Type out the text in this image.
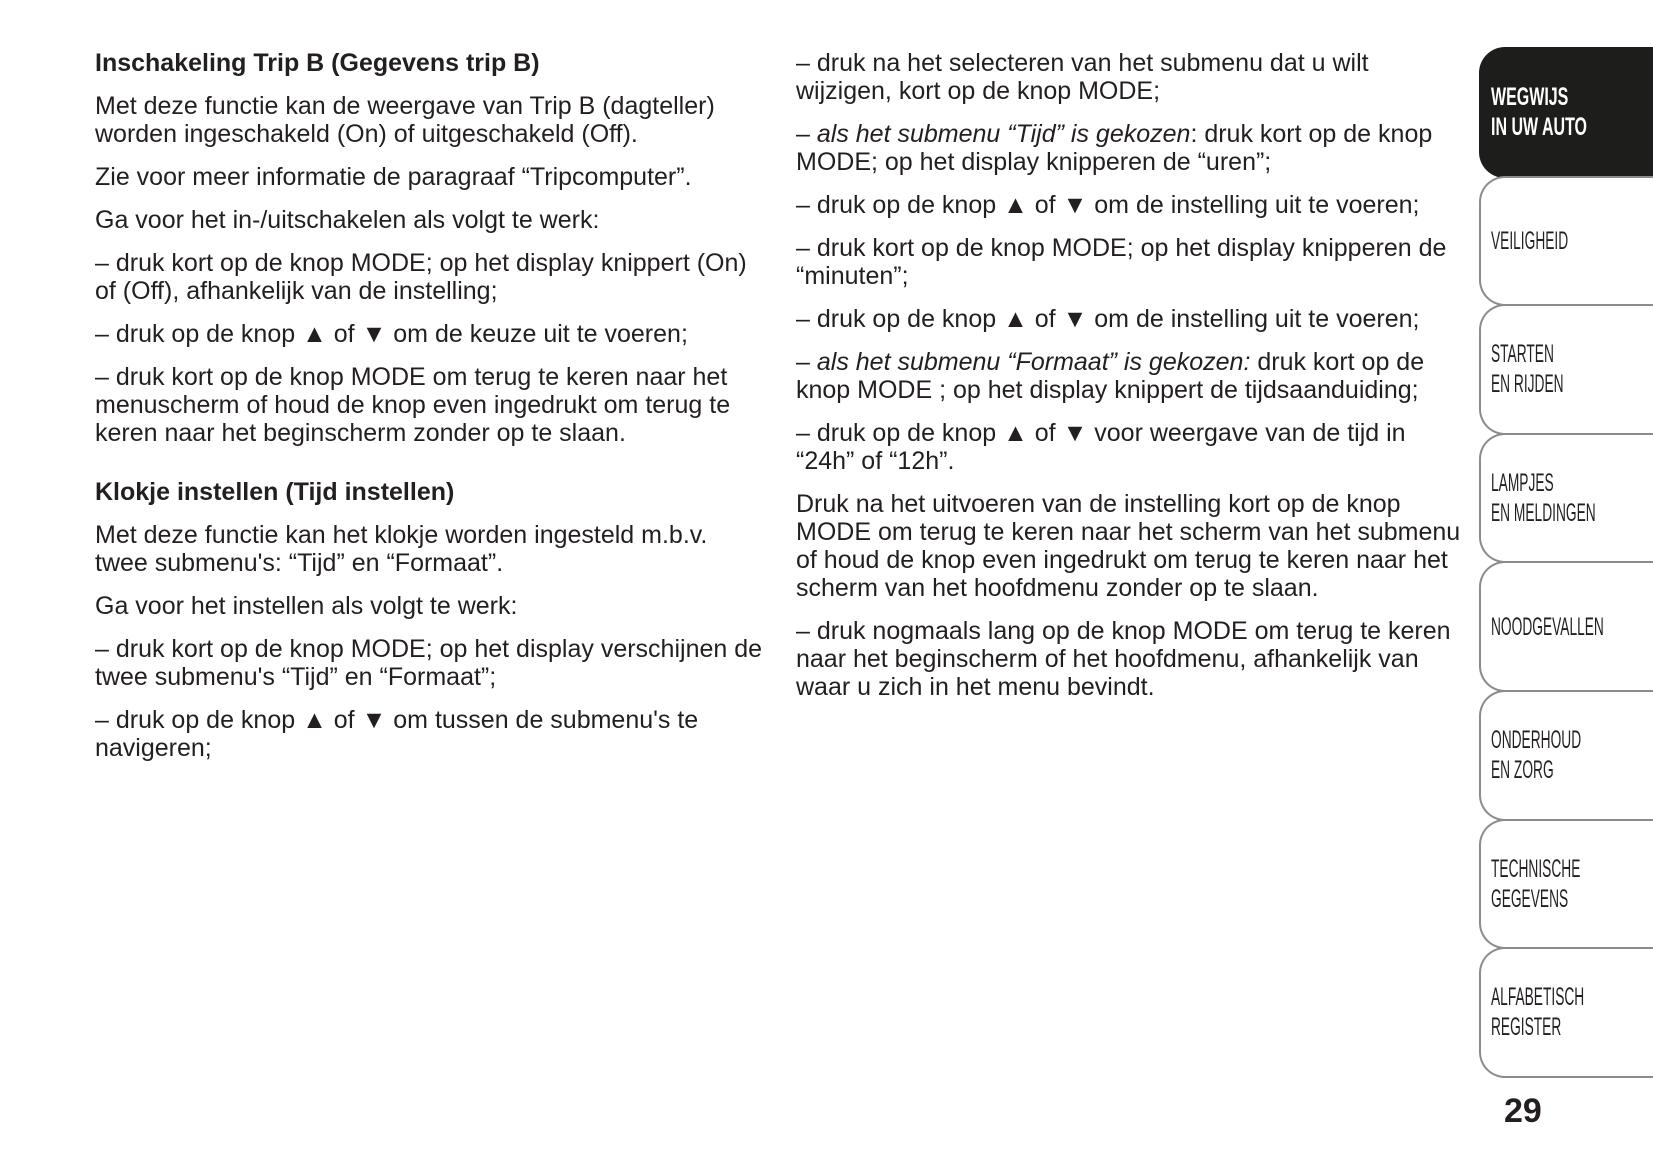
Inschakeling Trip B (Gegevens trip B)

Met deze functie kan de weergave van Trip B (dagteller) worden ingeschakeld (On) of uitgeschakeld (Off).

Zie voor meer informatie de paragraaf “Tripcomputer”.

Ga voor het in-/uitschakelen als volgt te werk:

– druk kort op de knop MODE; op het display knippert (On) of (Off), afhankelijk van de instelling;

– druk op de knop ▲ of ▼ om de keuze uit te voeren;

– druk kort op de knop MODE om terug te keren naar het menuscherm of houd de knop even ingedrukt om terug te keren naar het beginscherm zonder op te slaan.

Klokje instellen (Tijd instellen)

Met deze functie kan het klokje worden ingesteld m.b.v. twee submenu's: “Tijd” en “Formaat”.

Ga voor het instellen als volgt te werk:

– druk kort op de knop MODE; op het display verschijnen de twee submenu's “Tijd” en “Formaat”;

– druk op de knop ▲ of ▼ om tussen de submenu's te navigeren;

– druk na het selecteren van het submenu dat u wilt wijzigen, kort op de knop MODE;

– als het submenu “Tijd” is gekozen: druk kort op de knop MODE; op het display knipperen de “uren”;

– druk op de knop ▲ of ▼ om de instelling uit te voeren;

– druk kort op de knop MODE; op het display knipperen de “minuten”;

– druk op de knop ▲ of ▼ om de instelling uit te voeren;

– als het submenu “Formaat” is gekozen: druk kort op de knop MODE ; op het display knippert de tijdsaanduiding;

– druk op de knop ▲ of ▼ voor weergave van de tijd in “24h” of “12h”.

Druk na het uitvoeren van de instelling kort op de knop MODE om terug te keren naar het scherm van het submenu of houd de knop even ingedrukt om terug te keren naar het scherm van het hoofdmenu zonder op te slaan.

– druk nogmaals lang op de knop MODE om terug te keren naar het beginscherm of het hoofdmenu, afhankelijk van waar u zich in het menu bevindt.

WEGWIJS
IN UW AUTO
VEILIGHEID
STARTEN
EN RIJDEN
LAMPJES
EN MELDINGEN
NOODGEVALLEN
ONDERHOUD
EN ZORG
TECHNISCHE
GEGEVENS
ALFABETISCH
REGISTER
29
